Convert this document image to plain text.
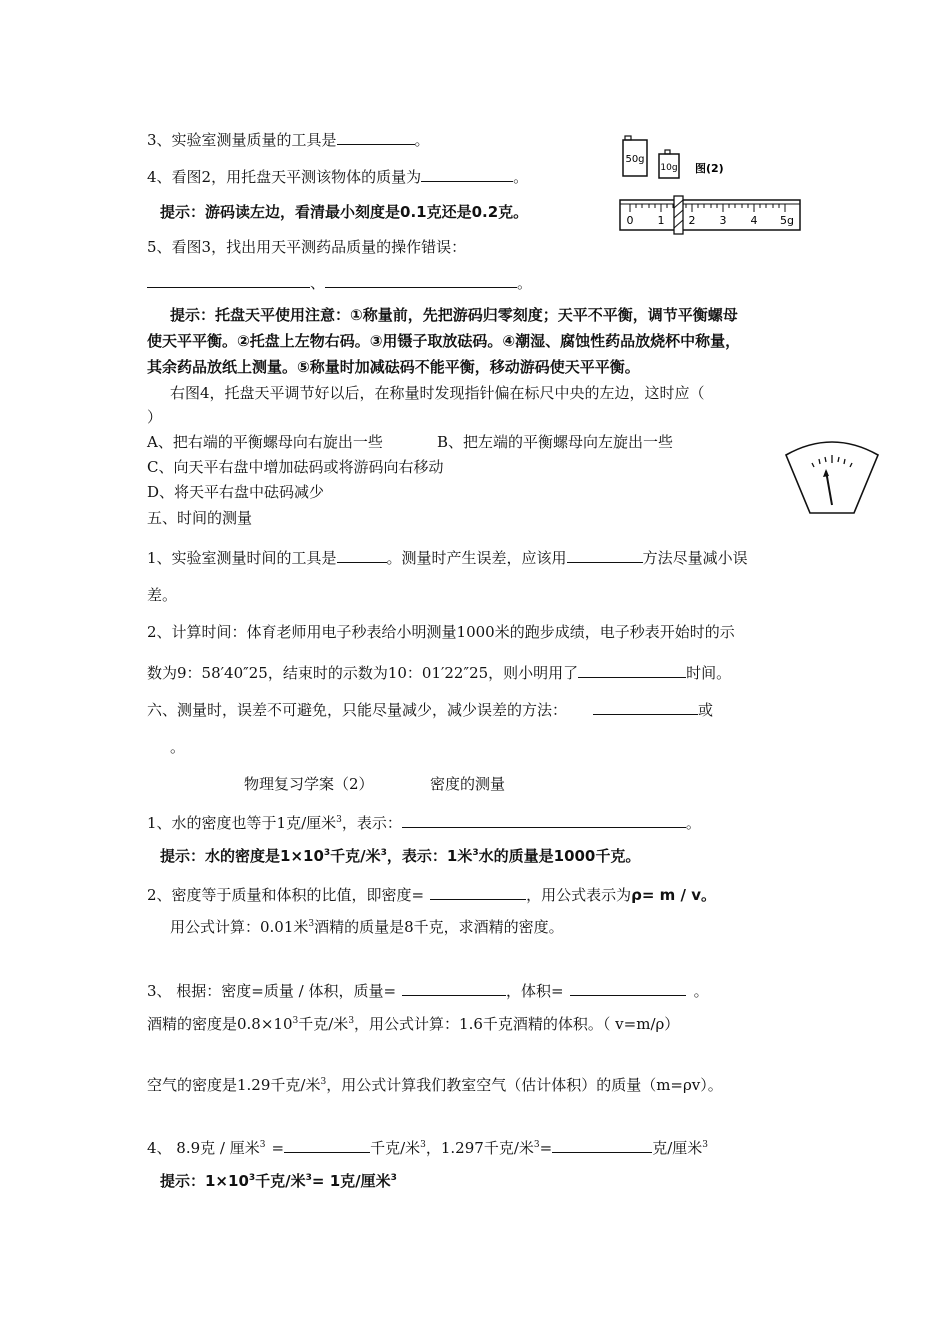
3、实验室测量质量的工具是	。
4、看图2，用托盘天平测该物体的质量为	。
50g
10g 图(2)
0 1 2 3 4 5g
提示：游码读左边，看清最小刻度是0.1克还是0.2克。
5、看图3，找出用天平测药品质量的操作错误：
、	。
提示：托盘天平使用注意：①称量前，先把游码归零刻度；天平不平衡，调节平衡螺母
使天平平衡。②托盘上左物右码。③用镊子取放砝码。④潮湿、腐蚀性药品放烧杯中称量，
其余药品放纸上测量。⑤称量时加减砝码不能平衡，移动游码使天平平衡。
右图4，托盘天平调节好以后，在称量时发现指针偏在标尺中央的左边，这时应（
）
A、把右端的平衡螺母向右旋出一些	B、把左端的平衡螺母向左旋出一些
C、向天平右盘中增加砝码或将游码向右移动
D、将天平右盘中砝码减少
五、时间的测量
1、实验室测量时间的工具是	。测量时产生误差，应该用	方法尽量减小误
差。
2、计算时间：体育老师用电子秒表给小明测量1000米的跑步成绩，电子秒表开始时的示
数为9：58′40″25，结束时的示数为10：01′22″25，则小明用了	时间。
六、测量时，误差不可避免，只能尽量减少，减少误差的方法：	或
。
物理复习学案（2）	密度的测量
1、水的密度也等于1克/厘米$^3$，表示：	。
提示：水的密度是$1\times 10^3$千克/米$^3$，表示：1米$^3$水的质量是1000千克。
2、密度等于质量和体积的比值，即密度=	，用公式表示为ρ= m / v。
用公式计算：0.01米$^3$酒精的质量是8千克，求酒精的密度。
3、 根据：密度=质量 / 体积，质量=	，体积=	。
酒精的密度是$0.8\times 10^3$千克/米$^3$，用公式计算：1.6千克酒精的体积。（ v=m/ρ）
空气的密度是1.29千克/米$^3$，用公式计算我们教室空气（估计体积）的质量（m=ρv）。
4、 8.9克 / 厘米$^3$ =	千克/米$^3$，1.297千克/米$^3$=	克/厘米$^3$
提示：$1\times 10^3$千克/米$^3$= 1克/厘米$^3$
